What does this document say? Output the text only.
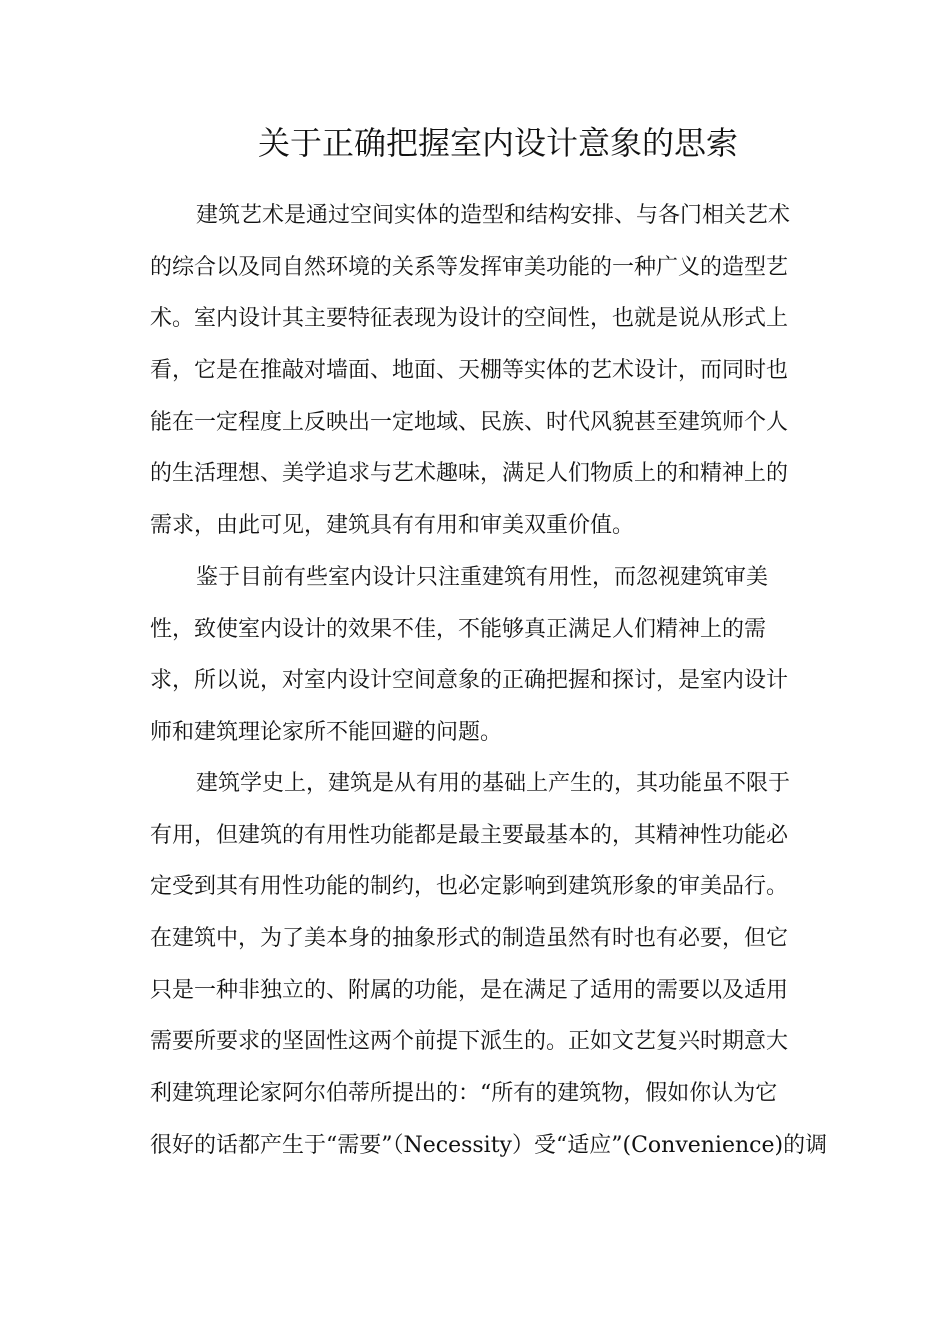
关于正确把握室内设计意象的思索
建筑艺术是通过空间实体的造型和结构安排、与各门相关艺术
的综合以及同自然环境的关系等发挥审美功能的一种广义的造型艺
术。室内设计其主要特征表现为设计的空间性，也就是说从形式上
看，它是在推敲对墙面、地面、天棚等实体的艺术设计，而同时也
能在一定程度上反映出一定地域、民族、时代风貌甚至建筑师个人
的生活理想、美学追求与艺术趣味，满足人们物质上的和精神上的
需求，由此可见，建筑具有有用和审美双重价值。
鉴于目前有些室内设计只注重建筑有用性，而忽视建筑审美
性，致使室内设计的效果不佳，不能够真正满足人们精神上的需
求，所以说，对室内设计空间意象的正确把握和探讨，是室内设计
师和建筑理论家所不能回避的问题。
建筑学史上，建筑是从有用的基础上产生的，其功能虽不限于
有用，但建筑的有用性功能都是最主要最基本的，其精神性功能必
定受到其有用性功能的制约，也必定影响到建筑形象的审美品行。
在建筑中，为了美本身的抽象形式的制造虽然有时也有必要，但它
只是一种非独立的、附属的功能，是在满足了适用的需要以及适用
需要所要求的坚固性这两个前提下派生的。正如文艺复兴时期意大
利建筑理论家阿尔伯蒂所提出的：“所有的建筑物，假如你认为它
很好的话都产生于“需要”（Necessity）受“适应”(Convenience)的调
